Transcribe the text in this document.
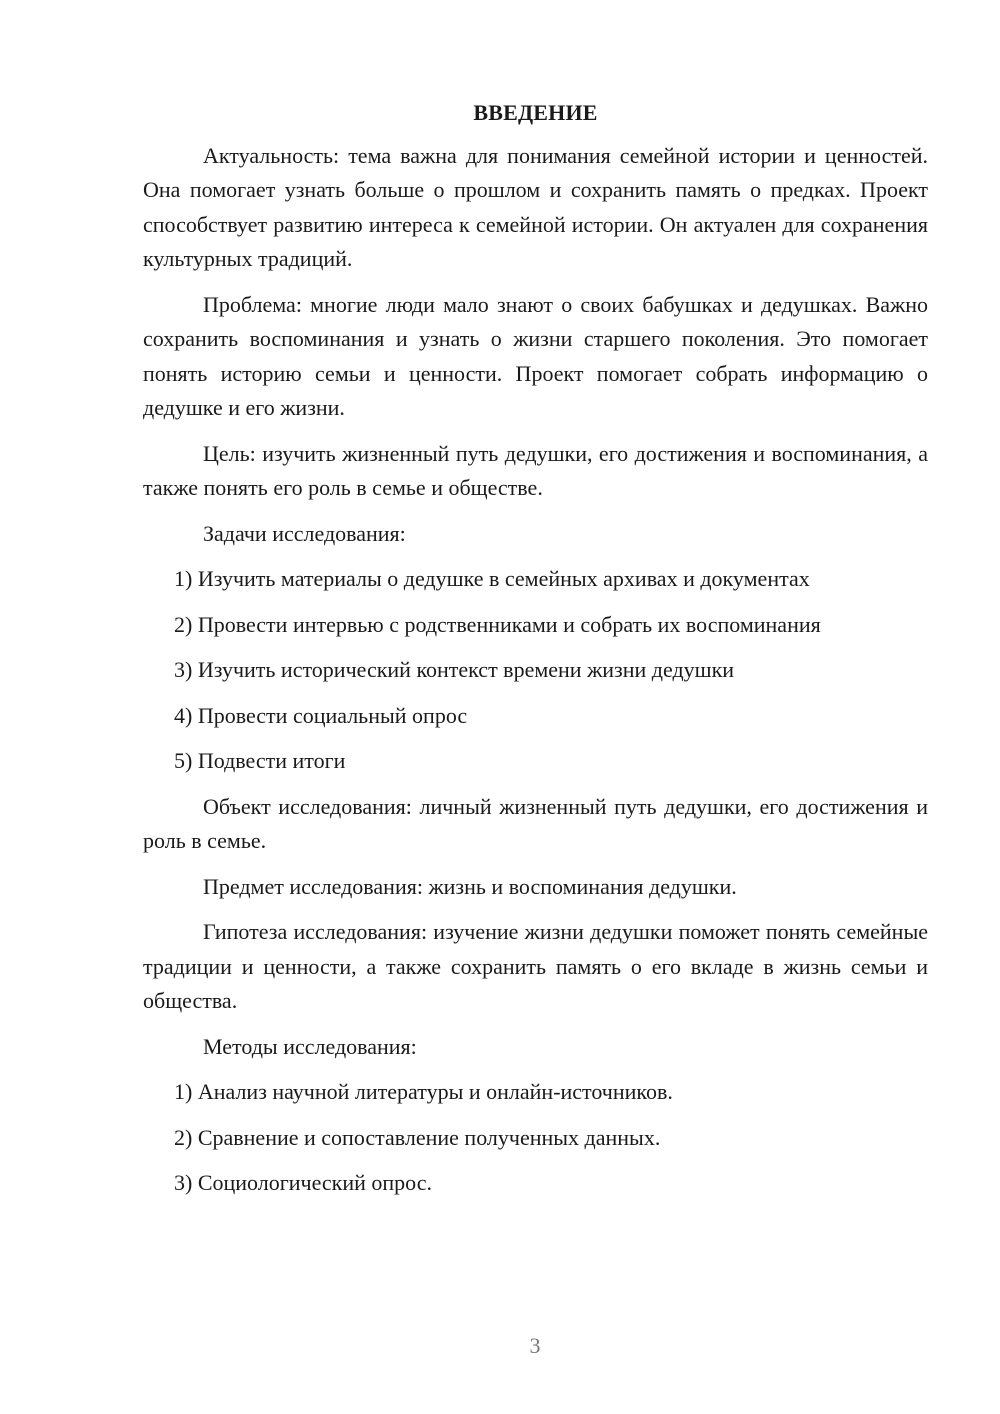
ВВЕДЕНИЕ

Актуальность: тема важна для понимания семейной истории и ценностей. Она помогает узнать больше о прошлом и сохранить память о предках. Проект способствует развитию интереса к семейной истории. Он актуален для сохранения культурных традиций.

Проблема: многие люди мало знают о своих бабушках и дедушках. Важно сохранить воспоминания и узнать о жизни старшего поколения. Это помогает понять историю семьи и ценности. Проект помогает собрать информацию о дедушке и его жизни.

Цель: изучить жизненный путь дедушки, его достижения и воспоминания, а также понять его роль в семье и обществе.

Задачи исследования:

1) Изучить материалы о дедушке в семейных архивах и документах

2) Провести интервью с родственниками и собрать их воспоминания

3) Изучить исторический контекст времени жизни дедушки

4) Провести социальный опрос

5) Подвести итоги

Объект исследования: личный жизненный путь дедушки, его достижения и роль в семье.

Предмет исследования: жизнь и воспоминания дедушки.

Гипотеза исследования: изучение жизни дедушки поможет понять семейные традиции и ценности, а также сохранить память о его вкладе в жизнь семьи и общества.

Методы исследования:

1) Анализ научной литературы и онлайн-источников.

2) Сравнение и сопоставление полученных данных.

3) Социологический опрос.

3
